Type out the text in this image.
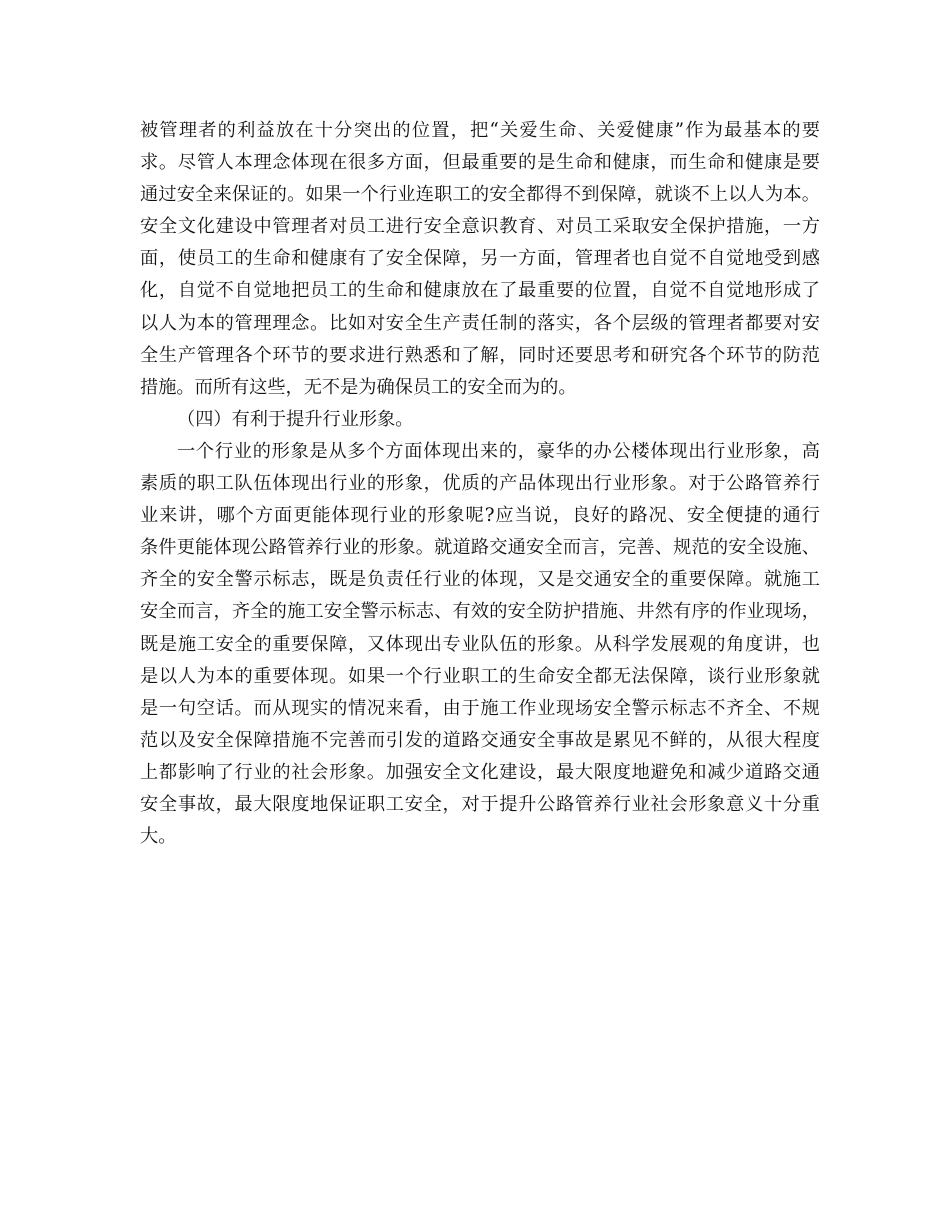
被管理者的利益放在十分突出的位置，把“关爱生命、关爱健康”作为最基本的要
求。尽管人本理念体现在很多方面，但最重要的是生命和健康，而生命和健康是要
通过安全来保证的。如果一个行业连职工的安全都得不到保障，就谈不上以人为本。
安全文化建设中管理者对员工进行安全意识教育、对员工采取安全保护措施，一方
面，使员工的生命和健康有了安全保障，另一方面，管理者也自觉不自觉地受到感
化，自觉不自觉地把员工的生命和健康放在了最重要的位置，自觉不自觉地形成了
以人为本的管理理念。比如对安全生产责任制的落实，各个层级的管理者都要对安
全生产管理各个环节的要求进行熟悉和了解，同时还要思考和研究各个环节的防范
措施。而所有这些，无不是为确保员工的安全而为的。
（四）有利于提升行业形象。
一个行业的形象是从多个方面体现出来的，豪华的办公楼体现出行业形象，高
素质的职工队伍体现出行业的形象，优质的产品体现出行业形象。对于公路管养行
业来讲，哪个方面更能体现行业的形象呢?应当说，良好的路况、安全便捷的通行
条件更能体现公路管养行业的形象。就道路交通安全而言，完善、规范的安全设施、
齐全的安全警示标志，既是负责任行业的体现，又是交通安全的重要保障。就施工
安全而言，齐全的施工安全警示标志、有效的安全防护措施、井然有序的作业现场，
既是施工安全的重要保障，又体现出专业队伍的形象。从科学发展观的角度讲，也
是以人为本的重要体现。如果一个行业职工的生命安全都无法保障，谈行业形象就
是一句空话。而从现实的情况来看，由于施工作业现场安全警示标志不齐全、不规
范以及安全保障措施不完善而引发的道路交通安全事故是累见不鲜的，从很大程度
上都影响了行业的社会形象。加强安全文化建设，最大限度地避免和减少道路交通
安全事故，最大限度地保证职工安全，对于提升公路管养行业社会形象意义十分重
大。
